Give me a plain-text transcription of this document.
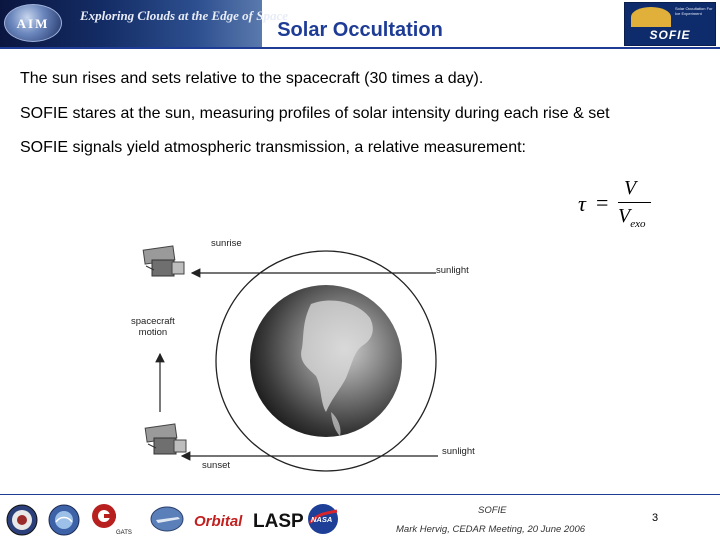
AIM
Exploring Clouds at the Edge of Space
Solar Occultation
Solar Occultation For Ice Experiment
SOFIE
The sun rises and sets relative to the spacecraft (30 times a day).
SOFIE stares at the sun, measuring profiles of solar intensity during each rise & set
SOFIE signals yield atmospheric transmission, a relative measurement:
τ =
V
$V_{exo}$
sunrise
sunlight
spacecraft
motion
sunlight
sunset
GATS
Orbital LASP NASA
SOFIE
Mark Hervig, CEDAR Meeting, 20 June 2006
3
